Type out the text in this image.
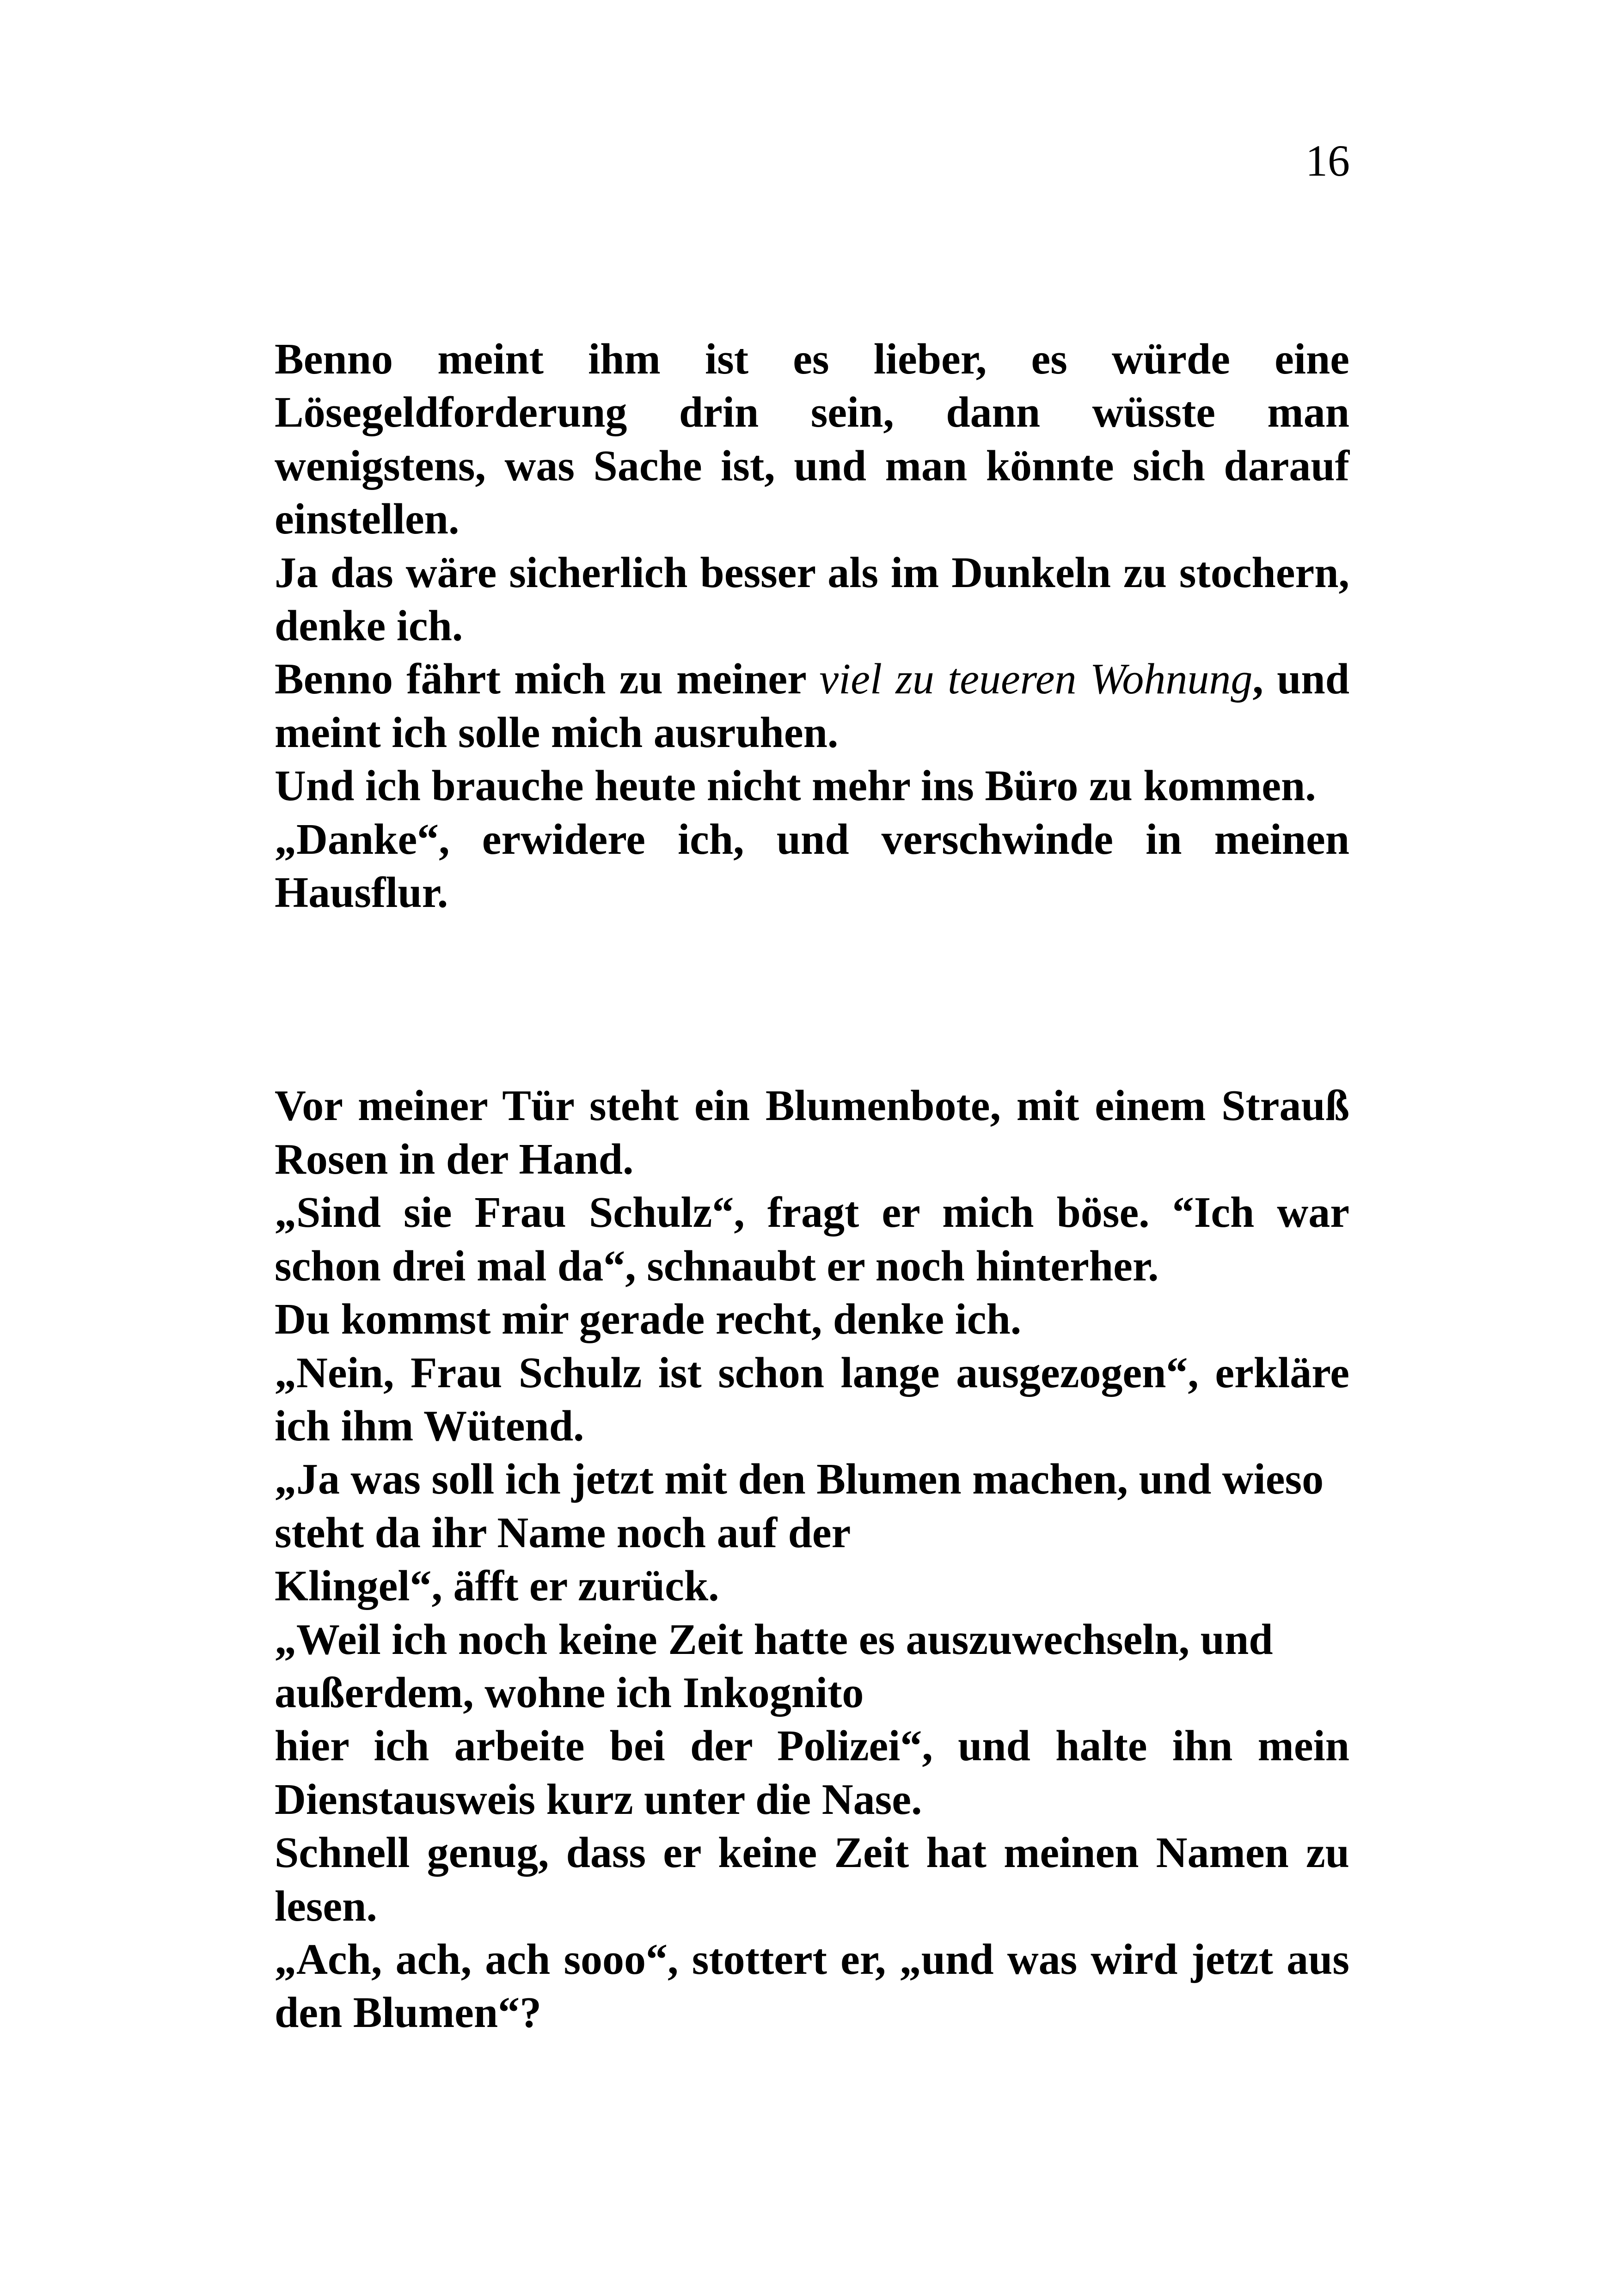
16

Benno meint ihm ist es lieber, es würde eine Lösegeldforderung drin sein, dann wüsste man wenigstens, was Sache ist, und man könnte sich darauf einstellen.

Ja das wäre sicherlich besser als im Dunkeln zu stochern, denke ich.

Benno fährt mich zu meiner viel zu teueren Wohnung, und meint ich solle mich ausruhen.

Und ich brauche heute nicht mehr ins Büro zu kommen.

„Danke“, erwidere ich, und verschwinde in meinen Hausflur.

Vor meiner Tür steht ein Blumenbote, mit einem Strauß Rosen in der Hand.

„Sind sie Frau Schulz“, fragt er mich böse. “Ich war schon drei mal da“, schnaubt er noch hinterher.

Du kommst mir gerade recht, denke ich.

„Nein, Frau Schulz ist schon lange ausgezogen“, erkläre ich ihm Wütend.

„Ja was soll ich jetzt mit den Blumen machen, und wieso steht da ihr Name noch auf der

Klingel“, äfft er zurück.

„Weil ich noch keine Zeit hatte es auszuwechseln, und außerdem, wohne ich Inkognito

hier ich arbeite bei der Polizei“, und halte ihn mein Dienstausweis kurz unter die Nase.

Schnell genug, dass er keine Zeit hat meinen Namen zu lesen.

„Ach, ach, ach sooo“, stottert er, „und was wird jetzt aus den Blumen“?
